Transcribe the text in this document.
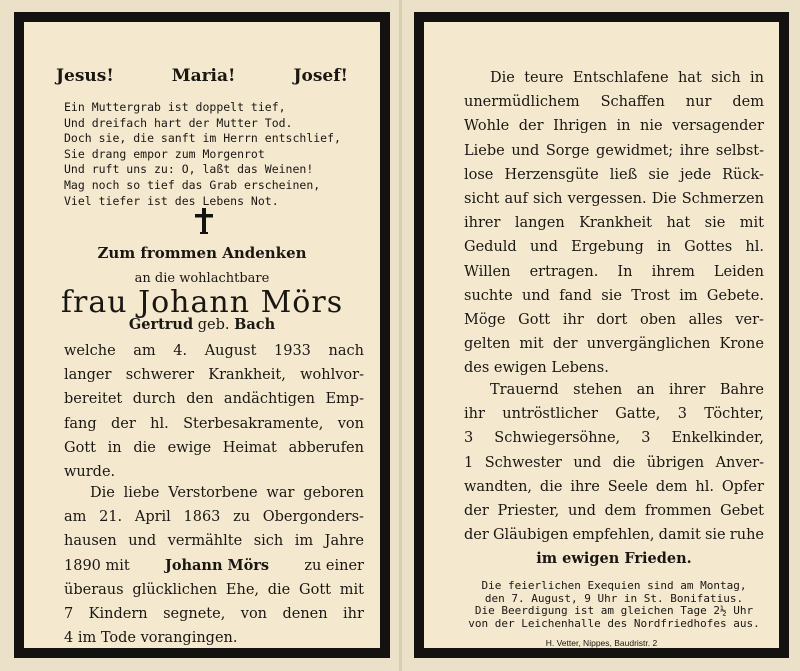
Jesus!	Maria!	Josef!
Ein Muttergrab ist doppelt tief,
Und dreifach hart der Mutter Tod.
Doch sie, die sanft im Herrn entschlief,
Sie drang empor zum Morgenrot
Und ruft uns zu: O, laßt das Weinen!
Mag noch so tief das Grab erscheinen,
Viel tiefer ist des Lebens Not.
Zum frommen Andenken
an die wohlachtbare
frau Johann Mörs
Gertrud geb. Bach
welche am 4. August 1933 nach
langer schwerer Krankheit, wohlvor-
bereitet durch den andächtigen Emp-
fang der hl. Sterbesakramente, von
Gott in die ewige Heimat abberufen
wurde.
Die liebe Verstorbene war geboren
am 21. April 1863 zu Obergonders-
hausen und vermählte sich im Jahre
1890 mit Johann Mörs zu einer
überaus glücklichen Ehe, die Gott mit
7 Kindern segnete, von denen ihr
4 im Tode vorangingen.
Die teure Entschlafene hat sich in
unermüdlichem Schaffen nur dem
Wohle der Ihrigen in nie versagender
Liebe und Sorge gewidmet; ihre selbst-
lose Herzensgüte ließ sie jede Rück-
sicht auf sich vergessen. Die Schmerzen
ihrer langen Krankheit hat sie mit
Geduld und Ergebung in Gottes hl.
Willen ertragen. In ihrem Leiden
suchte und fand sie Trost im Gebete.
Möge Gott ihr dort oben alles ver-
gelten mit der unvergänglichen Krone
des ewigen Lebens.
Trauernd stehen an ihrer Bahre
ihr untröstlicher Gatte, 3 Töchter,
3 Schwiegersöhne, 3 Enkelkinder,
1 Schwester und die übrigen Anver-
wandten, die ihre Seele dem hl. Opfer
der Priester, und dem frommen Gebet
der Gläubigen empfehlen, damit sie ruhe
im ewigen Frieden.
Die feierlichen Exequien sind am Montag,
den 7. August, 9 Uhr in St. Bonifatius.
Die Beerdigung ist am gleichen Tage 2½ Uhr
von der Leichenhalle des Nordfriedhofes aus.
H. Vetter, Nippes, Baudristr. 2
